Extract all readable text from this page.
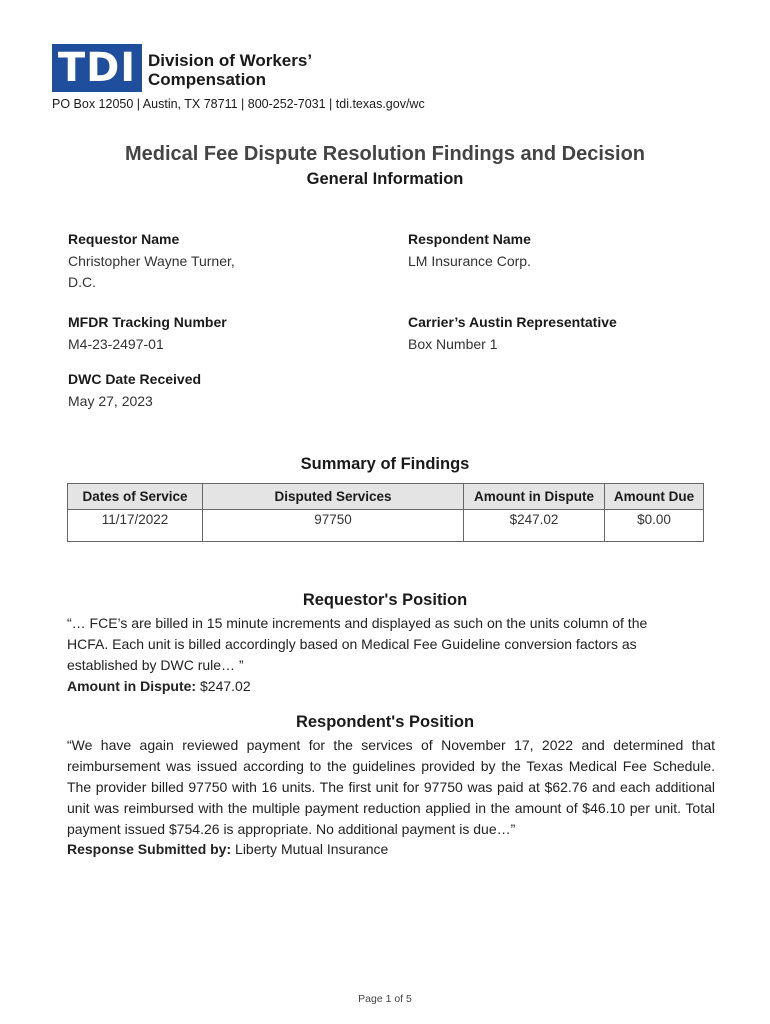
TDI Division of Workers’
Compensation
PO Box 12050 | Austin, TX 78711 | 800-252-7031 | tdi.texas.gov/wc
Medical Fee Dispute Resolution Findings and Decision
General Information
Requestor Name
Christopher Wayne Turner,
D.C.
Respondent Name
LM Insurance Corp.
MFDR Tracking Number
M4-23-2497-01
Carrier’s Austin Representative
Box Number 1
DWC Date Received
May 27, 2023
Summary of Findings
Dates of Service	Disputed Services	Amount in Dispute	Amount Due
11/17/2022	97750	$247.02	$0.00
Requestor's Position
“… FCE’s are billed in 15 minute increments and displayed as such on the units column of the
HCFA. Each unit is billed accordingly based on Medical Fee Guideline conversion factors as
established by DWC rule… ”
Amount in Dispute: $247.02
Respondent's Position
“We have again reviewed payment for the services of November 17, 2022 and determined that reimbursement was issued according to the guidelines provided by the Texas Medical Fee Schedule. The provider billed 97750 with 16 units. The first unit for 97750 was paid at $62.76 and each additional unit was reimbursed with the multiple payment reduction applied in the amount of $46.10 per unit. Total payment issued $754.26 is appropriate. No additional payment is due…”
Response Submitted by: Liberty Mutual Insurance
Page 1 of 5
